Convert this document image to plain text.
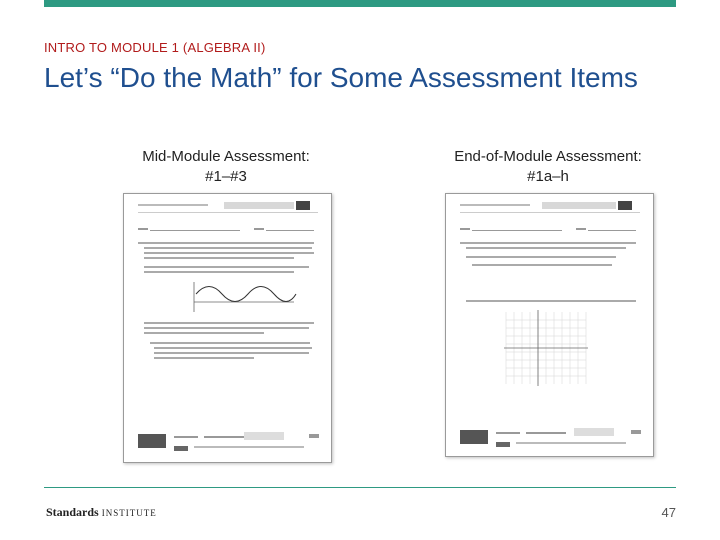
INTRO TO MODULE 1 (ALGEBRA II)
Let’s “Do the Math” for Some Assessment Items
Mid-Module Assessment:
#1–#3
End-of-Module Assessment:
#1a–h
Standards INSTITUTE	47
